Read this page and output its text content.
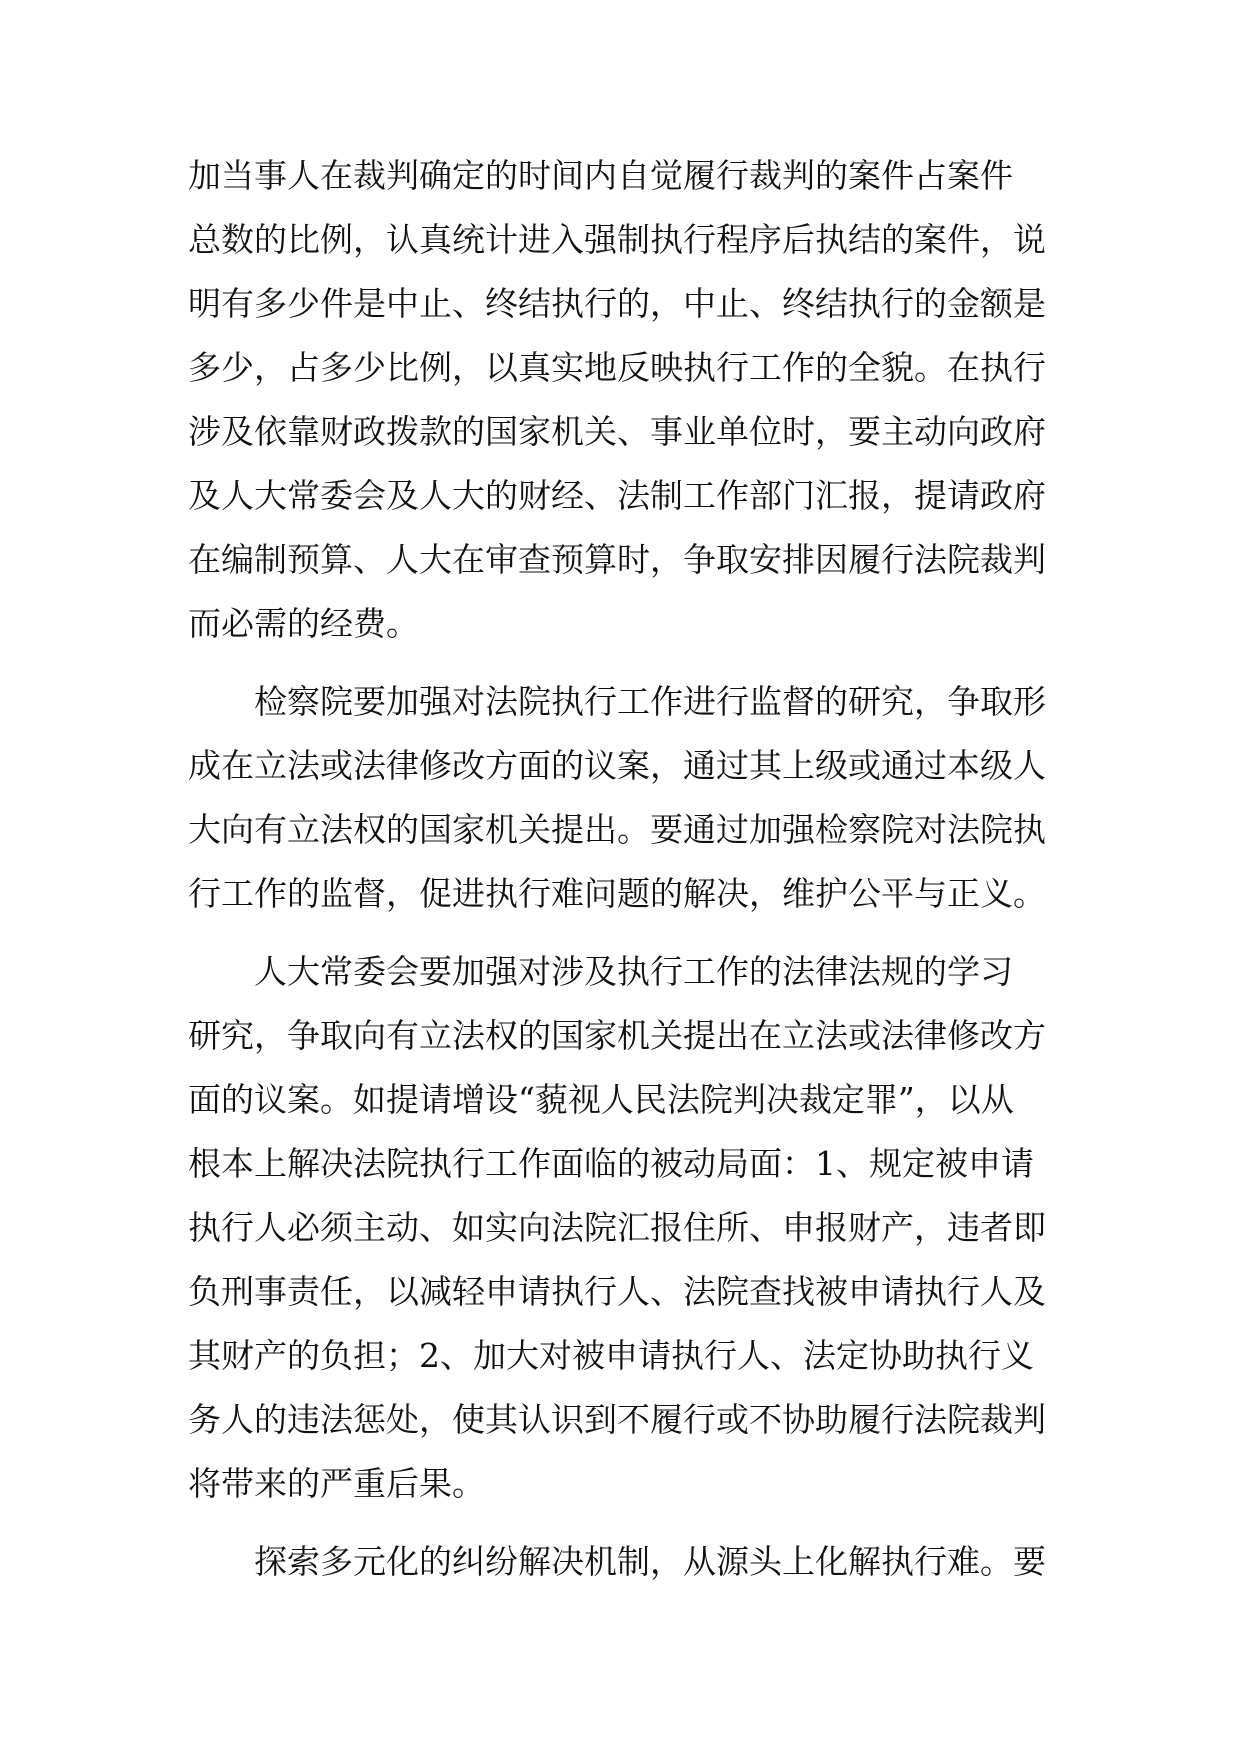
加当事人在裁判确定的时间内自觉履行裁判的案件占案件
总数的比例，认真统计进入强制执行程序后执结的案件，说
明有多少件是中止、终结执行的，中止、终结执行的金额是
多少，占多少比例，以真实地反映执行工作的全貌。在执行
涉及依靠财政拨款的国家机关、事业单位时，要主动向政府
及人大常委会及人大的财经、法制工作部门汇报，提请政府
在编制预算、人大在审查预算时，争取安排因履行法院裁判
而必需的经费。
检察院要加强对法院执行工作进行监督的研究，争取形
成在立法或法律修改方面的议案，通过其上级或通过本级人
大向有立法权的国家机关提出。要通过加强检察院对法院执
行工作的监督，促进执行难问题的解决，维护公平与正义。
人大常委会要加强对涉及执行工作的法律法规的学习
研究，争取向有立法权的国家机关提出在立法或法律修改方
面的议案。如提请增设“藐视人民法院判决裁定罪”，以从
根本上解决法院执行工作面临的被动局面：1、规定被申请
执行人必须主动、如实向法院汇报住所、申报财产，违者即
负刑事责任，以减轻申请执行人、法院查找被申请执行人及
其财产的负担；2、加大对被申请执行人、法定协助执行义
务人的违法惩处，使其认识到不履行或不协助履行法院裁判
将带来的严重后果。
探索多元化的纠纷解决机制，从源头上化解执行难。要
